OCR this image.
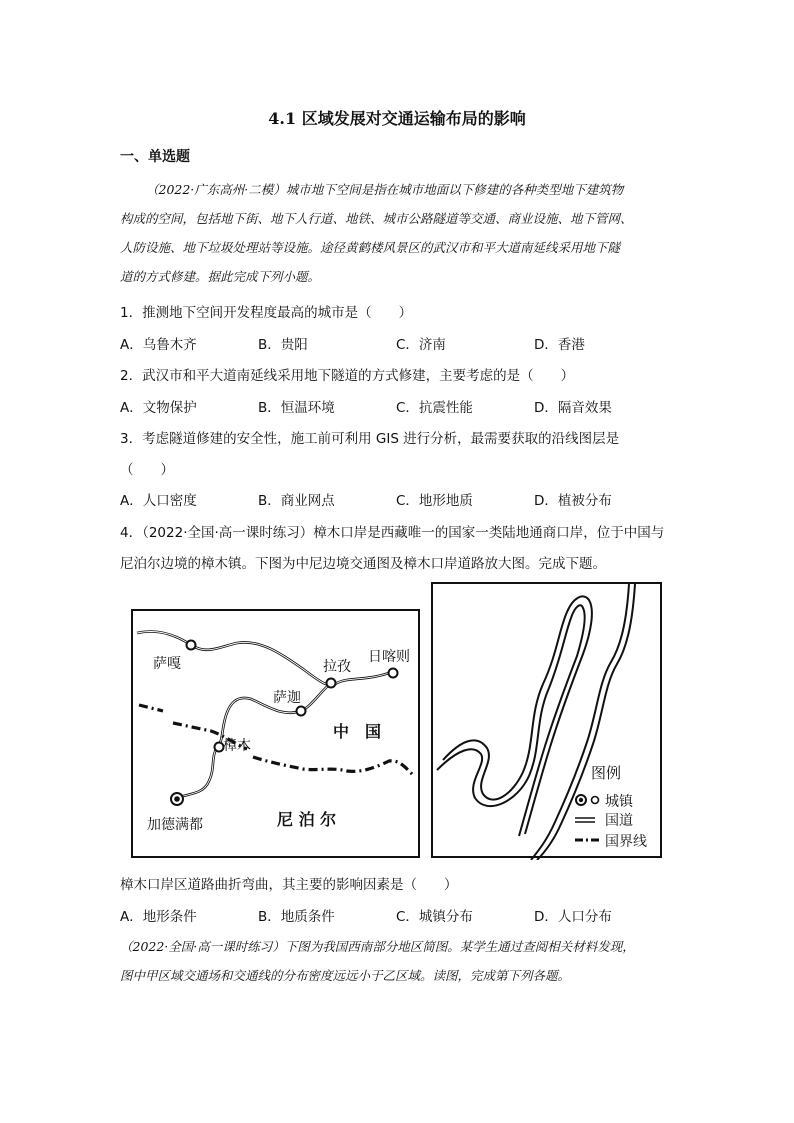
4.1 区域发展对交通运输布局的影响
一、单选题
（2022·广东高州·二模）城市地下空间是指在城市地面以下修建的各种类型地下建筑物
构成的空间，包括地下街、地下人行道、地铁、城市公路隧道等交通、商业设施、地下管网、
人防设施、地下垃圾处理站等设施。途径黄鹤楼风景区的武汉市和平大道南延线采用地下隧
道的方式修建。据此完成下列小题。
1．推测地下空间开发程度最高的城市是（　　）
A．乌鲁木齐	B．贵阳	C．济南	D．香港
2．武汉市和平大道南延线采用地下隧道的方式修建，主要考虑的是（　　）
A．文物保护	B．恒温环境	C．抗震性能	D．隔音效果
3．考虑隧道修建的安全性，施工前可利用 GIS 进行分析，最需要获取的沿线图层是
（　　）
A．人口密度	B．商业网点	C．地形地质	D．植被分布
4．（2022·全国·高一课时练习）樟木口岸是西藏唯一的国家一类陆地通商口岸，位于中国与
尼泊尔边境的樟木镇。下图为中尼边境交通图及樟木口岸道路放大图。完成下题。
萨嘎	拉孜
日喀则
萨迦
樟木
加德满都
中　国
尼 泊 尔
图例
城镇
国道
国界线
樟木口岸区道路曲折弯曲，其主要的影响因素是（　　）
A．地形条件	B．地质条件	C．城镇分布	D．人口分布
（2022·全国·高一课时练习）下图为我国西南部分地区简图。某学生通过查阅相关材料发现，
图中甲区域交通场和交通线的分布密度远远小于乙区域。读图，完成第下列各题。
